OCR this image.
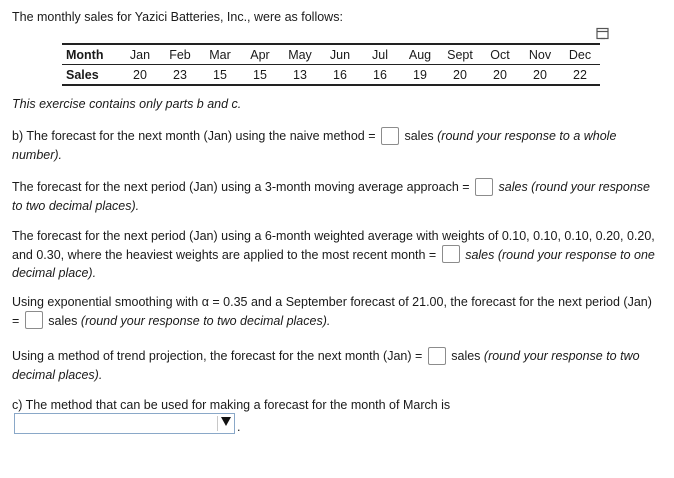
The monthly sales for Yazici Batteries, Inc., were as follows:
Month	Jan	Feb	Mar	Apr	May	Jun	Jul	Aug	Sept	Oct	Nov	Dec
Sales	20	23	15	15	13	16	16	19	20	20	20	22
This exercise contains only parts b and c.
b) The forecast for the next month (Jan) using the naive method =  sales (round your response to a whole number).
The forecast for the next period (Jan) using a 3-month moving average approach =  sales (round your response to two decimal places).
The forecast for the next period (Jan) using a 6-month weighted average with weights of 0.10, 0.10, 0.10, 0.20, 0.20, and 0.30, where the heaviest weights are applied to the most recent month =  sales (round your response to one decimal place).
Using exponential smoothing with α = 0.35 and a September forecast of 21.00, the forecast for the next period (Jan) =  sales (round your response to two decimal places).
Using a method of trend projection, the forecast for the next month (Jan) =  sales (round your response to two decimal places).
c) The method that can be used for making a forecast for the month of March is
.
